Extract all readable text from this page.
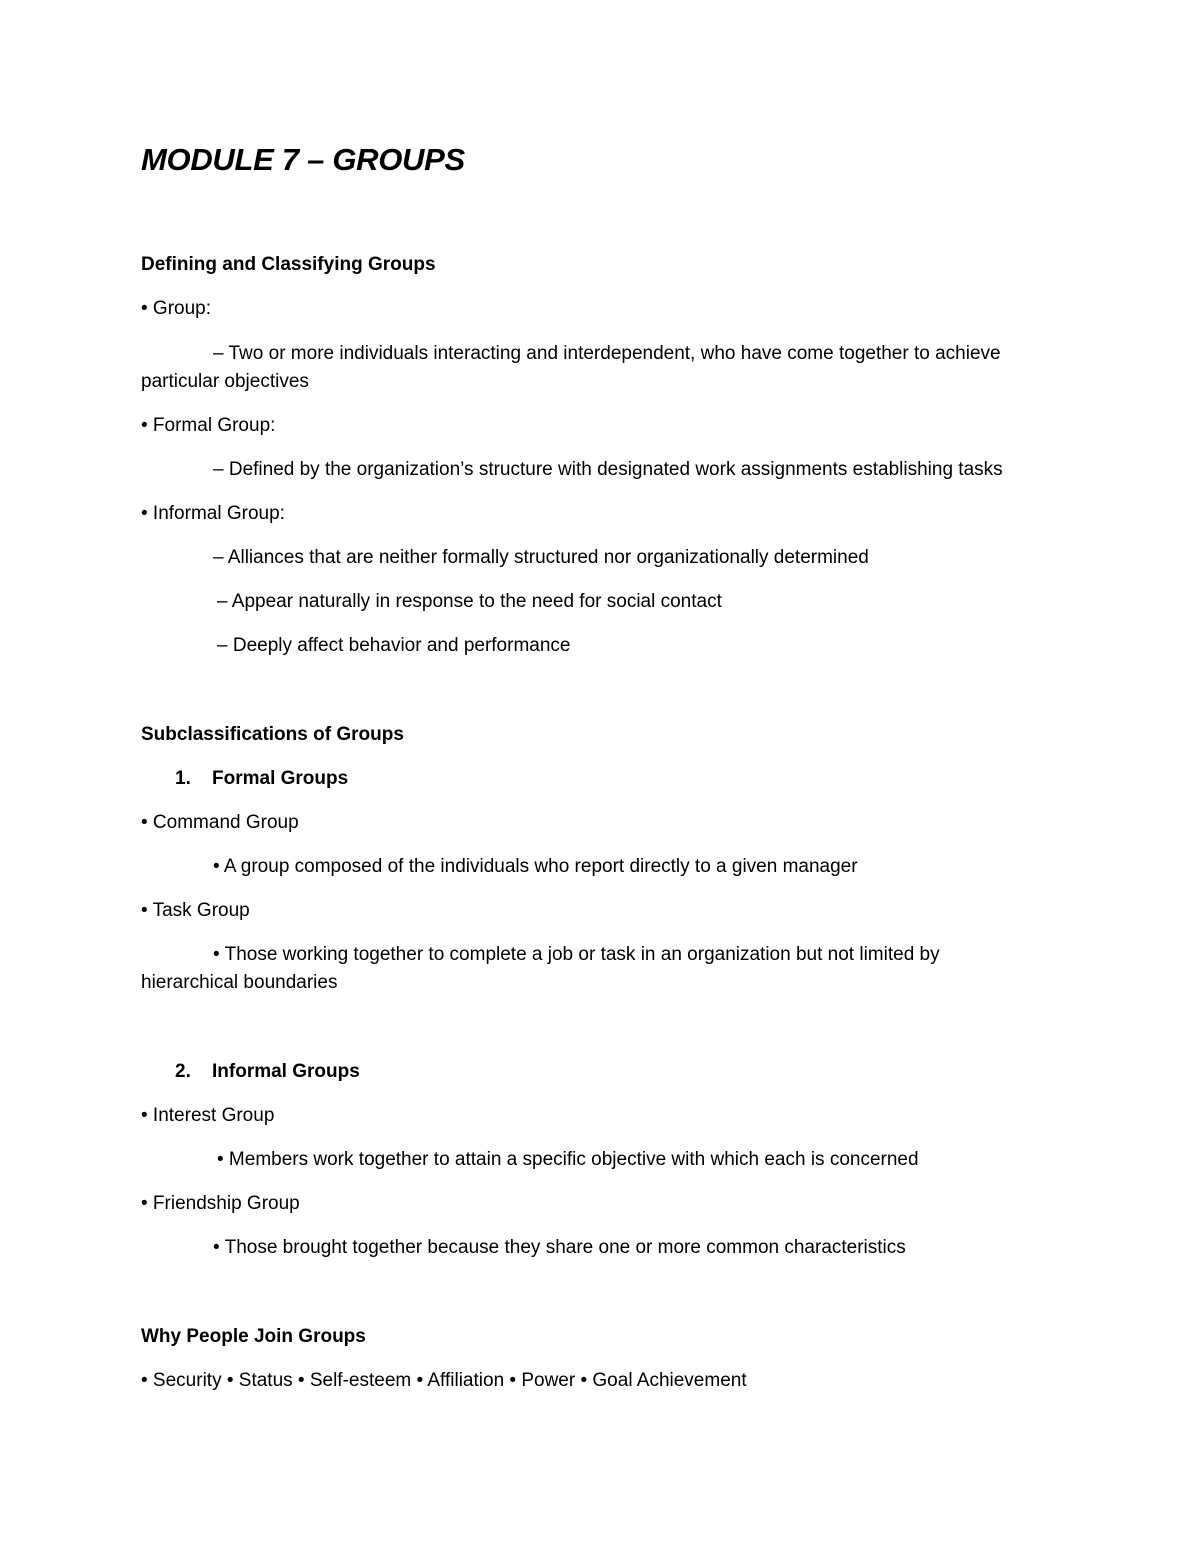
MODULE 7 – GROUPS
Defining and Classifying Groups
• Group:
– Two or more individuals interacting and interdependent, who have come together to achieve
particular objectives
• Formal Group:
– Defined by the organization’s structure with designated work assignments establishing tasks
• Informal Group:
– Alliances that are neither formally structured nor organizationally determined
– Appear naturally in response to the need for social contact
– Deeply affect behavior and performance
Subclassifications of Groups
1. Formal Groups
• Command Group
• A group composed of the individuals who report directly to a given manager
• Task Group
• Those working together to complete a job or task in an organization but not limited by
hierarchical boundaries
2. Informal Groups
• Interest Group
• Members work together to attain a specific objective with which each is concerned
• Friendship Group
• Those brought together because they share one or more common characteristics
Why People Join Groups
• Security • Status • Self-esteem • Affiliation • Power • Goal Achievement
